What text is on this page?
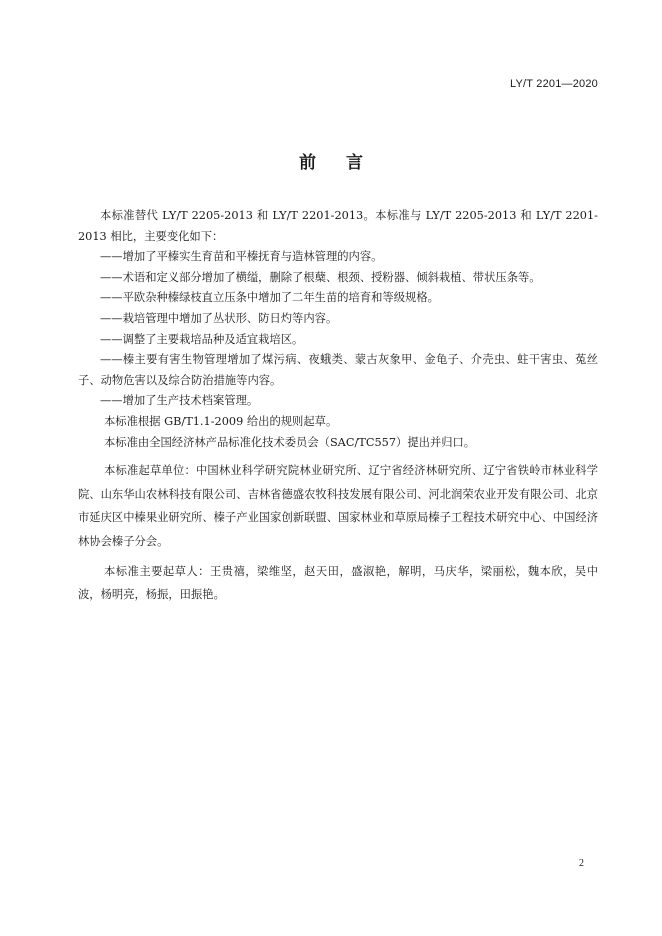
LY/T 2201—2020
前 言

本标准替代 LY/T 2205-2013 和 LY/T 2201-2013。本标准与 LY/T 2205-2013 和 LY/T 2201-2013 相比，主要变化如下：

——增加了平榛实生育苗和平榛抚育与造林管理的内容。

——术语和定义部分增加了横缢，删除了根蘖、根颈、授粉器、倾斜栽植、带状压条等。

——平欧杂种榛绿枝直立压条中增加了二年生苗的培育和等级规格。

——栽培管理中增加了丛状形、防日灼等内容。

——调整了主要栽培品种及适宜栽培区。

——榛主要有害生物管理增加了煤污病、夜蛾类、蒙古灰象甲、金龟子、介壳虫、蛀干害虫、菟丝子、动物危害以及综合防治措施等内容。

——增加了生产技术档案管理。

本标准根据 GB/T1.1-2009 给出的规则起草。

本标准由全国经济林产品标准化技术委员会（SAC/TC557）提出并归口。

本标准起草单位：中国林业科学研究院林业研究所、辽宁省经济林研究所、辽宁省铁岭市林业科学院、山东华山农林科技有限公司、吉林省德盛农牧科技发展有限公司、河北润荣农业开发有限公司、北京市延庆区中榛果业研究所、榛子产业国家创新联盟、国家林业和草原局榛子工程技术研究中心、中国经济林协会榛子分会。

本标准主要起草人：王贵禧，梁维坚，赵天田，盛淑艳，解明，马庆华，梁丽松，魏本欣，吴中波，杨明亮，杨振，田振艳。

2
